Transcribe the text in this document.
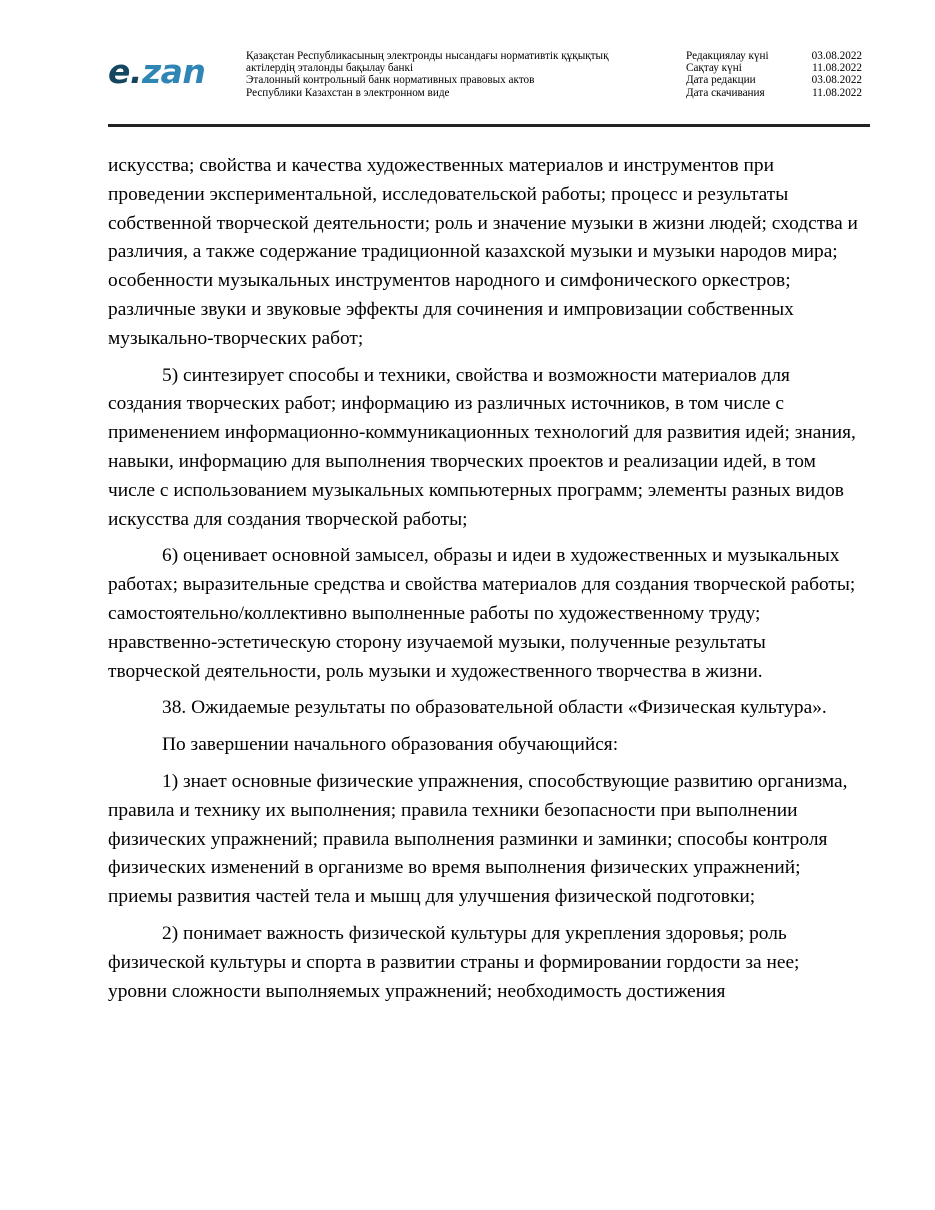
e.zan	Қазақстан Республикасының электронды нысандағы нормативтік құқықтық
актілердің эталонды бақылау банкі
Эталонный контрольный банк нормативных правовых актов
Республики Казахстан в электронном виде
Редакциялау күні	03.08.2022
Сақтау күні	11.08.2022
Дата редакции	03.08.2022
Дата скачивания	11.08.2022

искусства; свойства и качества художественных материалов и инструментов при проведении экспериментальной, исследовательской работы; процесс и результаты собственной творческой деятельности; роль и значение музыки в жизни людей; сходства и различия, а также содержание традиционной казахской музыки и музыки народов мира; особенности музыкальных инструментов народного и симфонического оркестров; различные звуки и звуковые эффекты для сочинения и импровизации собственных музыкально-творческих работ;

5) синтезирует способы и техники, свойства и возможности материалов для создания творческих работ; информацию из различных источников, в том числе с применением информационно-коммуникационных технологий для развития идей; знания, навыки, информацию для выполнения творческих проектов и реализации идей, в том числе с использованием музыкальных компьютерных программ; элементы разных видов искусства для создания творческой работы;

6) оценивает основной замысел, образы и идеи в художественных и музыкальных работах; выразительные средства и свойства материалов для создания творческой работы; самостоятельно/коллективно выполненные работы по художественному труду; нравственно-эстетическую сторону изучаемой музыки, полученные результаты творческой деятельности, роль музыки и художественного творчества в жизни.

38. Ожидаемые результаты по образовательной области «Физическая культура».

По завершении начального образования обучающийся:

1) знает основные физические упражнения, способствующие развитию организма, правила и технику их выполнения; правила техники безопасности при выполнении физических упражнений; правила выполнения разминки и заминки; способы контроля физических изменений в организме во время выполнения физических упражнений; приемы развития частей тела и мышц для улучшения физической подготовки;

2) понимает важность физической культуры для укрепления здоровья; роль физической культуры и спорта в развитии страны и формировании гордости за нее; уровни сложности выполняемых упражнений; необходимость достижения
